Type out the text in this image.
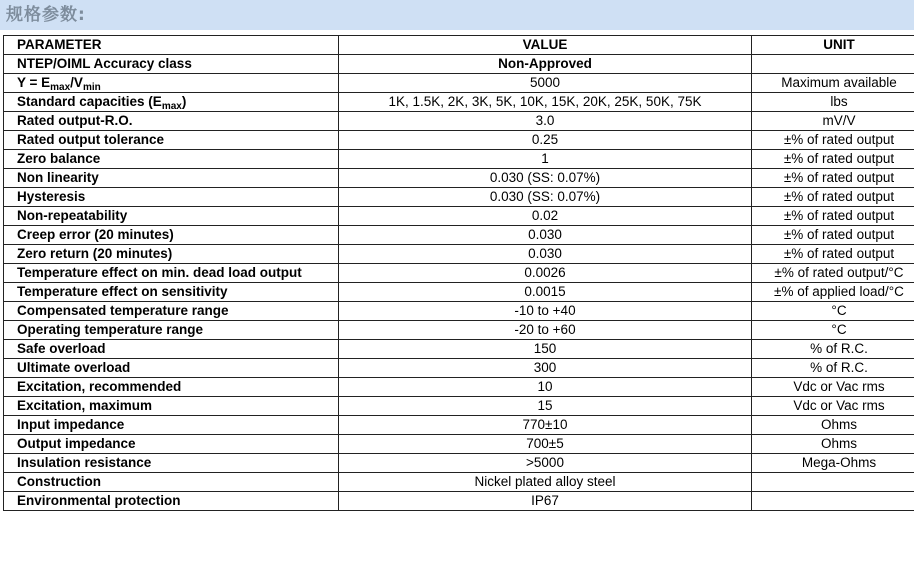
规格参数:
PARAMETER	VALUE	UNIT
NTEP/OIML Accuracy class	Non-Approved	
$Y = E_{max}/V_{min}$	5000	Maximum available
Standard capacities $(E_{max})$	1K, 1.5K, 2K, 3K, 5K, 10K, 15K, 20K, 25K, 50K, 75K	lbs
Rated output-R.O.	3.0	mV/V
Rated output tolerance	0.25	±% of rated output
Zero balance	1	±% of rated output
Non linearity	0.030 (SS: 0.07%)	±% of rated output
Hysteresis	0.030 (SS: 0.07%)	±% of rated output
Non-repeatability	0.02	±% of rated output
Creep error (20 minutes)	0.030	±% of rated output
Zero return (20 minutes)	0.030	±% of rated output
Temperature effect on min. dead load output	0.0026	±% of rated output/°C
Temperature effect on sensitivity	0.0015	±% of applied load/°C
Compensated temperature range	-10 to +40	°C
Operating temperature range	-20 to +60	°C
Safe overload	150	% of R.C.
Ultimate overload	300	% of R.C.
Excitation, recommended	10	Vdc or Vac rms
Excitation, maximum	15	Vdc or Vac rms
Input impedance	770±10	Ohms
Output impedance	700±5	Ohms
Insulation resistance	>5000	Mega-Ohms
Construction	Nickel plated alloy steel	
Environmental protection	IP67	
